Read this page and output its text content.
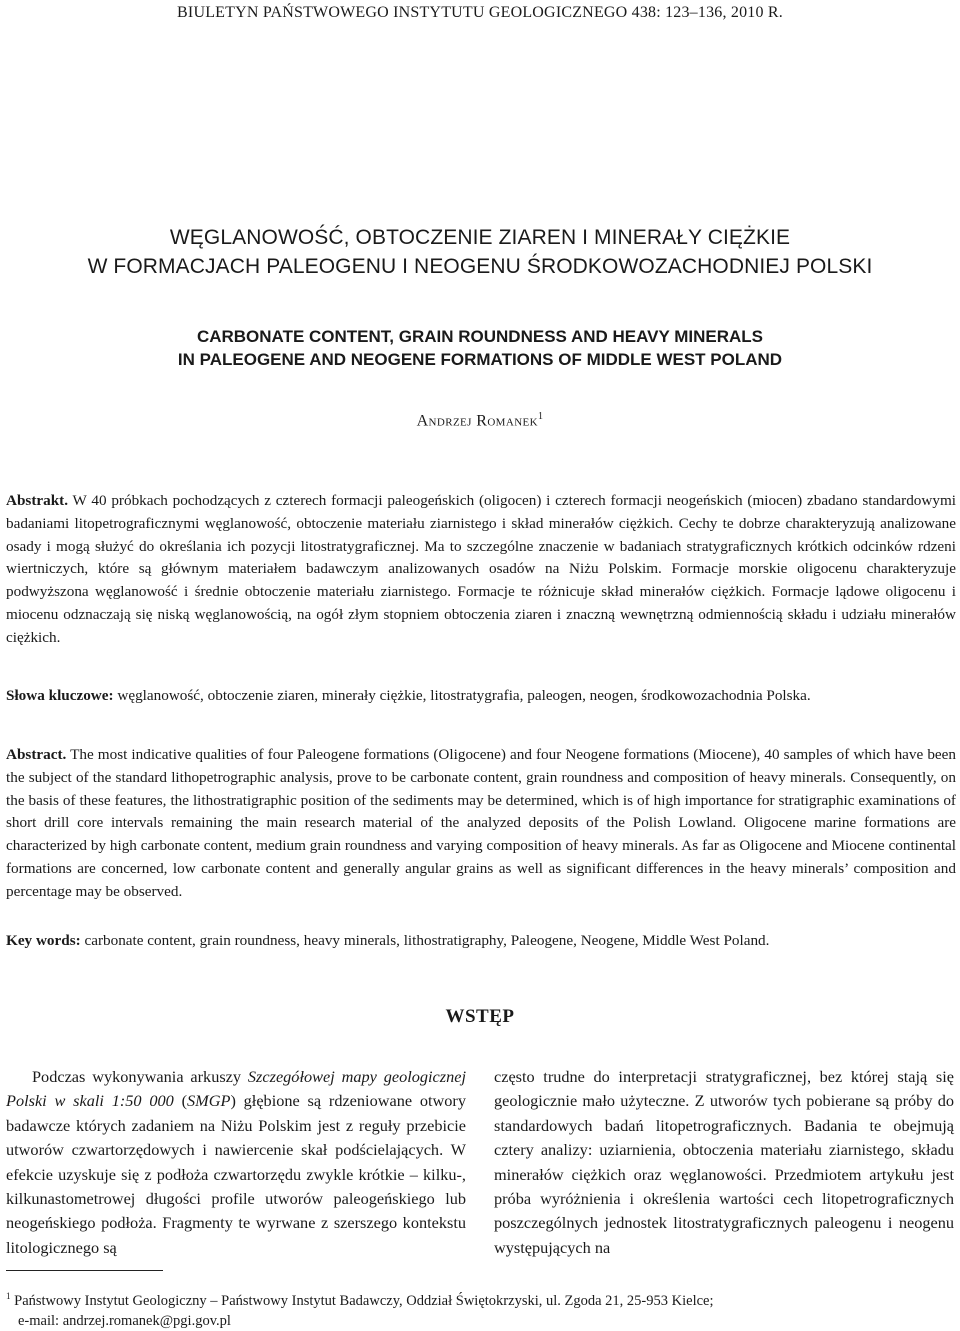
BIULETYN PAŃSTWOWEGO INSTYTUTU GEOLOGICZNEGO 438: 123–136, 2010 R.
WĘGLANOWOŚĆ, OBTOCZENIE ZIAREN I MINERAŁY CIĘŻKIE
W FORMACJACH PALEOGENU I NEOGENU ŚRODKOWOZACHODNIEJ POLSKI
CARBONATE CONTENT, GRAIN ROUNDNESS AND HEAVY MINERALS
IN PALEOGENE AND NEOGENE FORMATIONS OF MIDDLE WEST POLAND
Andrzej Romanek$^1$
Abstrakt. W 40 próbkach pochodzących z czterech formacji paleogeńskich (oligocen) i czterech formacji neogeńskich (miocen) zbadano standardowymi badaniami litopetrograficznymi węglanowość, obtoczenie materiału ziarnistego i skład minerałów ciężkich. Cechy te dobrze charakteryzują analizowane osady i mogą służyć do określania ich pozycji litostratygraficznej. Ma to szczególne znaczenie w badaniach stratygraficznych krótkich odcinków rdzeni wiertniczych, które są głównym materiałem badawczym analizowanych osadów na Niżu Polskim. Formacje morskie oligocenu charakteryzuje podwyższona węglanowość i średnie obtoczenie materiału ziarnistego. Formacje te różnicuje skład minerałów ciężkich. Formacje lądowe oligocenu i miocenu odznaczają się niską węglanowością, na ogół złym stopniem obtoczenia ziaren i znaczną wewnętrzną odmiennością składu i udziału minerałów ciężkich.
Słowa kluczowe: węglanowość, obtoczenie ziaren, minerały ciężkie, litostratygrafia, paleogen, neogen, środkowozachodnia Polska.
Abstract. The most indicative qualities of four Paleogene formations (Oligocene) and four Neogene formations (Miocene), 40 samples of which have been the subject of the standard lithopetrographic analysis, prove to be carbonate content, grain roundness and composition of heavy minerals. Consequently, on the basis of these features, the lithostratigraphic position of the sediments may be determined, which is of high importance for stratigraphic examinations of short drill core intervals remaining the main research material of the analyzed deposits of the Polish Lowland. Oligocene marine formations are characterized by high carbonate content, medium grain roundness and varying composition of heavy minerals. As far as Oligocene and Miocene continental formations are concerned, low carbonate content and generally angular grains as well as significant differences in the heavy minerals’ composition and percentage may be observed.
Key words: carbonate content, grain roundness, heavy minerals, lithostratigraphy, Paleogene, Neogene, Middle West Poland.
WSTĘP
Podczas wykonywania arkuszy Szczegółowej mapy geologicznej Polski w skali 1:50 000 (SMGP) głębione są rdzeniowane otwory badawcze których zadaniem na Niżu Polskim jest z reguły przebicie utworów czwartorzędowych i nawiercenie skał podścielających. W efekcie uzyskuje się z podłoża czwartorzędu zwykle krótkie – kilku-, kilkunastometrowej długości profile utworów paleogeńskiego lub neogeńskiego podłoża. Fragmenty te wyrwane z szerszego kontekstu litologicznego są
często trudne do interpretacji stratygraficznej, bez której stają się geologicznie mało użyteczne. Z utworów tych pobierane są próby do standardowych badań litopetrograficznych. Badania te obejmują cztery analizy: uziarnienia, obtoczenia materiału ziarnistego, składu minerałów ciężkich oraz węglanowości. Przedmiotem artykułu jest próba wyróżnienia i określenia wartości cech litopetrograficznych poszczególnych jednostek litostratygraficznych paleogenu i neogenu występujących na
$^1$ Państwowy Instytut Geologiczny – Państwowy Instytut Badawczy, Oddział Świętokrzyski, ul. Zgoda 21, 25-953 Kielce;
e-mail: andrzej.romanek@pgi.gov.pl
